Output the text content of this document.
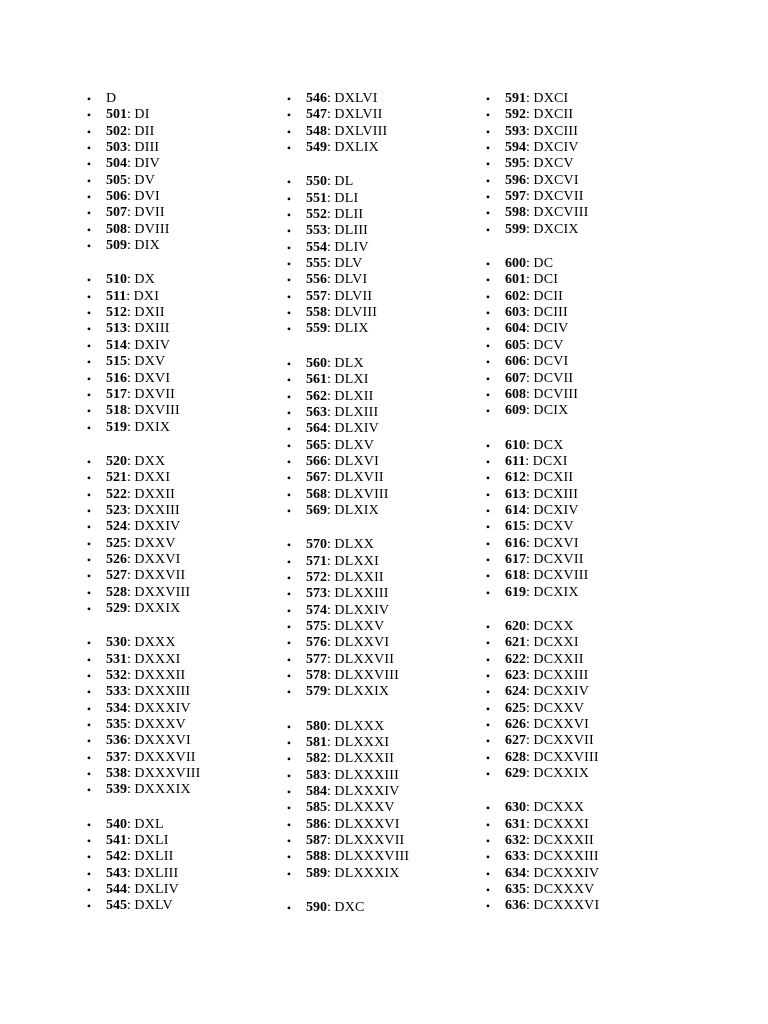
• D
• 501: DI
• 502: DII
• 503: DIII
• 504: DIV
• 505: DV
• 506: DVI
• 507: DVII
• 508: DVIII
• 509: DIX
• 510: DX
• 511: DXI
• 512: DXII
• 513: DXIII
• 514: DXIV
• 515: DXV
• 516: DXVI
• 517: DXVII
• 518: DXVIII
• 519: DXIX
• 520: DXX
• 521: DXXI
• 522: DXXII
• 523: DXXIII
• 524: DXXIV
• 525: DXXV
• 526: DXXVI
• 527: DXXVII
• 528: DXXVIII
• 529: DXXIX
• 530: DXXX
• 531: DXXXI
• 532: DXXXII
• 533: DXXXIII
• 534: DXXXIV
• 535: DXXXV
• 536: DXXXVI
• 537: DXXXVII
• 538: DXXXVIII
• 539: DXXXIX
• 540: DXL
• 541: DXLI
• 542: DXLII
• 543: DXLIII
• 544: DXLIV
• 545: DXLV
• 546: DXLVI
• 547: DXLVII
• 548: DXLVIII
• 549: DXLIX
• 550: DL
• 551: DLI
• 552: DLII
• 553: DLIII
• 554: DLIV
• 555: DLV
• 556: DLVI
• 557: DLVII
• 558: DLVIII
• 559: DLIX
• 560: DLX
• 561: DLXI
• 562: DLXII
• 563: DLXIII
• 564: DLXIV
• 565: DLXV
• 566: DLXVI
• 567: DLXVII
• 568: DLXVIII
• 569: DLXIX
• 570: DLXX
• 571: DLXXI
• 572: DLXXII
• 573: DLXXIII
• 574: DLXXIV
• 575: DLXXV
• 576: DLXXVI
• 577: DLXXVII
• 578: DLXXVIII
• 579: DLXXIX
• 580: DLXXX
• 581: DLXXXI
• 582: DLXXXII
• 583: DLXXXIII
• 584: DLXXXIV
• 585: DLXXXV
• 586: DLXXXVI
• 587: DLXXXVII
• 588: DLXXXVIII
• 589: DLXXXIX
• 590: DXC
• 591: DXCI
• 592: DXCII
• 593: DXCIII
• 594: DXCIV
• 595: DXCV
• 596: DXCVI
• 597: DXCVII
• 598: DXCVIII
• 599: DXCIX
• 600: DC
• 601: DCI
• 602: DCII
• 603: DCIII
• 604: DCIV
• 605: DCV
• 606: DCVI
• 607: DCVII
• 608: DCVIII
• 609: DCIX
• 610: DCX
• 611: DCXI
• 612: DCXII
• 613: DCXIII
• 614: DCXIV
• 615: DCXV
• 616: DCXVI
• 617: DCXVII
• 618: DCXVIII
• 619: DCXIX
• 620: DCXX
• 621: DCXXI
• 622: DCXXII
• 623: DCXXIII
• 624: DCXXIV
• 625: DCXXV
• 626: DCXXVI
• 627: DCXXVII
• 628: DCXXVIII
• 629: DCXXIX
• 630: DCXXX
• 631: DCXXXI
• 632: DCXXXII
• 633: DCXXXIII
• 634: DCXXXIV
• 635: DCXXXV
• 636: DCXXXVI
